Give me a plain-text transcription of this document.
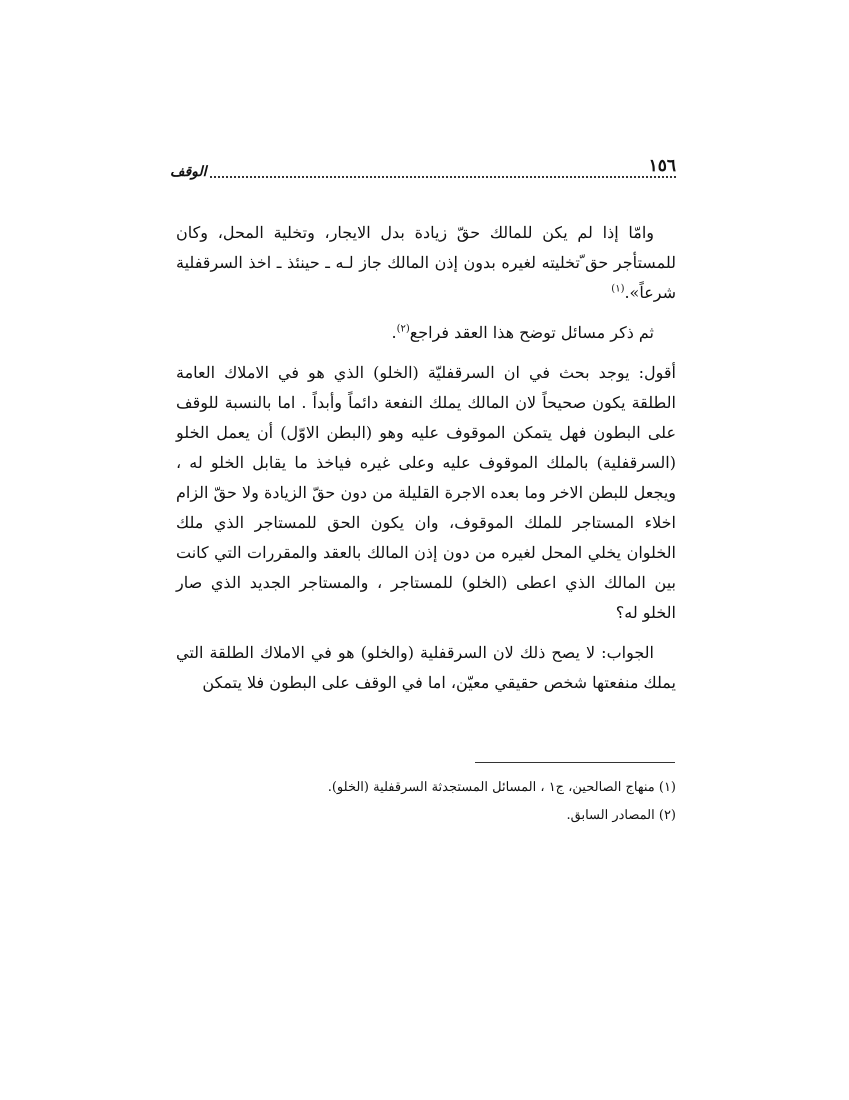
١٥٦
الوقف

وامّا إذا لم يكن للمالك حقّ زيادة بدل الايجار، وتخلية المحل، وكان للمستأجر حق ّتخليته لغيره بدون إذن المالك جاز لـه ـ حينئذ ـ اخذ السرقفلية شرعاً».$^{(١)}$

ثم ذكر مسائل توضح هذا العقد فراجع$^{(٢)}$.

أقول: يوجد بحث في ان السرقفليّة (الخلو) الذي هو في الاملاك العامة الطلقة يكون صحيحاً لان المالك يملك النفعة دائماً وأبداً . اما بالنسبة للوقف على البطون فهل يتمكن الموقوف عليه وهو (البطن الاوّل) أن يعمل الخلو (السرقفلية) بالملك الموقوف عليه وعلى غيره فياخذ ما يقابل الخلو له ، ويجعل للبطن الاخر وما بعده الاجرة القليلة من دون حقّ الزيادة ولا حقّ الزام اخلاء المستاجر للملك الموقوف، وان يكون الحق للمستاجر الذي ملك الخلوان يخلي المحل لغيره من دون إذن المالك بالعقد والمقررات التي كانت بين المالك الذي اعطى (الخلو) للمستاجر ، والمستاجر الجديد الذي صار الخلو له؟

الجواب: لا يصح ذلك لان السرقفلية (والخلو) هو في الاملاك الطلقة التي يملك منفعتها شخص حقيقي معيّن، اما في الوقف على البطون فلا يتمكن

(١) منهاج الصالحين، ج١ ، المسائل المستجدثة السرقفلية (الخلو).
(٢) المصادر السابق.
